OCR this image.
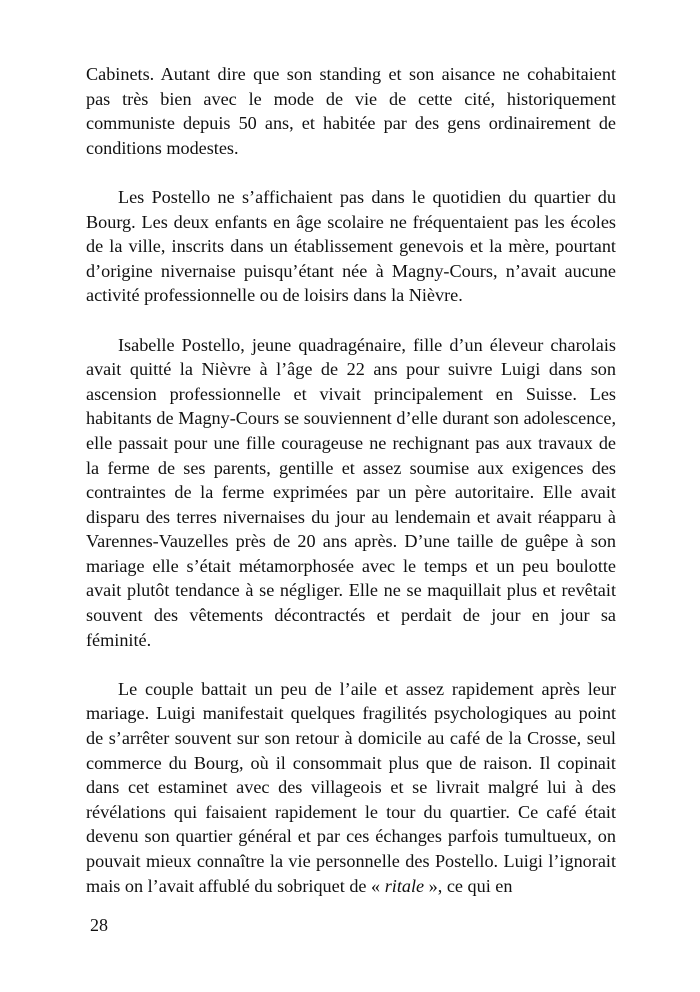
Cabinets. Autant dire que son standing et son aisance ne cohabitaient pas très bien avec le mode de vie de cette cité, historiquement communiste depuis 50 ans, et habitée par des gens ordinairement de conditions modestes.

Les Postello ne s’affichaient pas dans le quotidien du quartier du Bourg. Les deux enfants en âge scolaire ne fréquentaient pas les écoles de la ville, inscrits dans un établissement genevois et la mère, pourtant d’origine nivernaise puisqu’étant née à Magny-Cours, n’avait aucune activité professionnelle ou de loisirs dans la Nièvre.

Isabelle Postello, jeune quadragénaire, fille d’un éleveur charolais avait quitté la Nièvre à l’âge de 22 ans pour suivre Luigi dans son ascension professionnelle et vivait principalement en Suisse. Les habitants de Magny-Cours se souviennent d’elle durant son adolescence, elle passait pour une fille courageuse ne rechignant pas aux travaux de la ferme de ses parents, gentille et assez soumise aux exigences des contraintes de la ferme exprimées par un père autoritaire. Elle avait disparu des terres nivernaises du jour au lendemain et avait réapparu à Varennes-Vauzelles près de 20 ans après. D’une taille de guêpe à son mariage elle s’était métamorphosée avec le temps et un peu boulotte avait plutôt tendance à se négliger. Elle ne se maquillait plus et revêtait souvent des vêtements décontractés et perdait de jour en jour sa féminité.

Le couple battait un peu de l’aile et assez rapidement après leur mariage. Luigi manifestait quelques fragilités psychologiques au point de s’arrêter souvent sur son retour à domicile au café de la Crosse, seul commerce du Bourg, où il consommait plus que de raison. Il copinait dans cet estaminet avec des villageois et se livrait malgré lui à des révélations qui faisaient rapidement le tour du quartier. Ce café était devenu son quartier général et par ces échanges parfois tumultueux, on pouvait mieux connaître la vie personnelle des Postello. Luigi l’ignorait mais on l’avait affublé du sobriquet de « ritale », ce qui en

28
